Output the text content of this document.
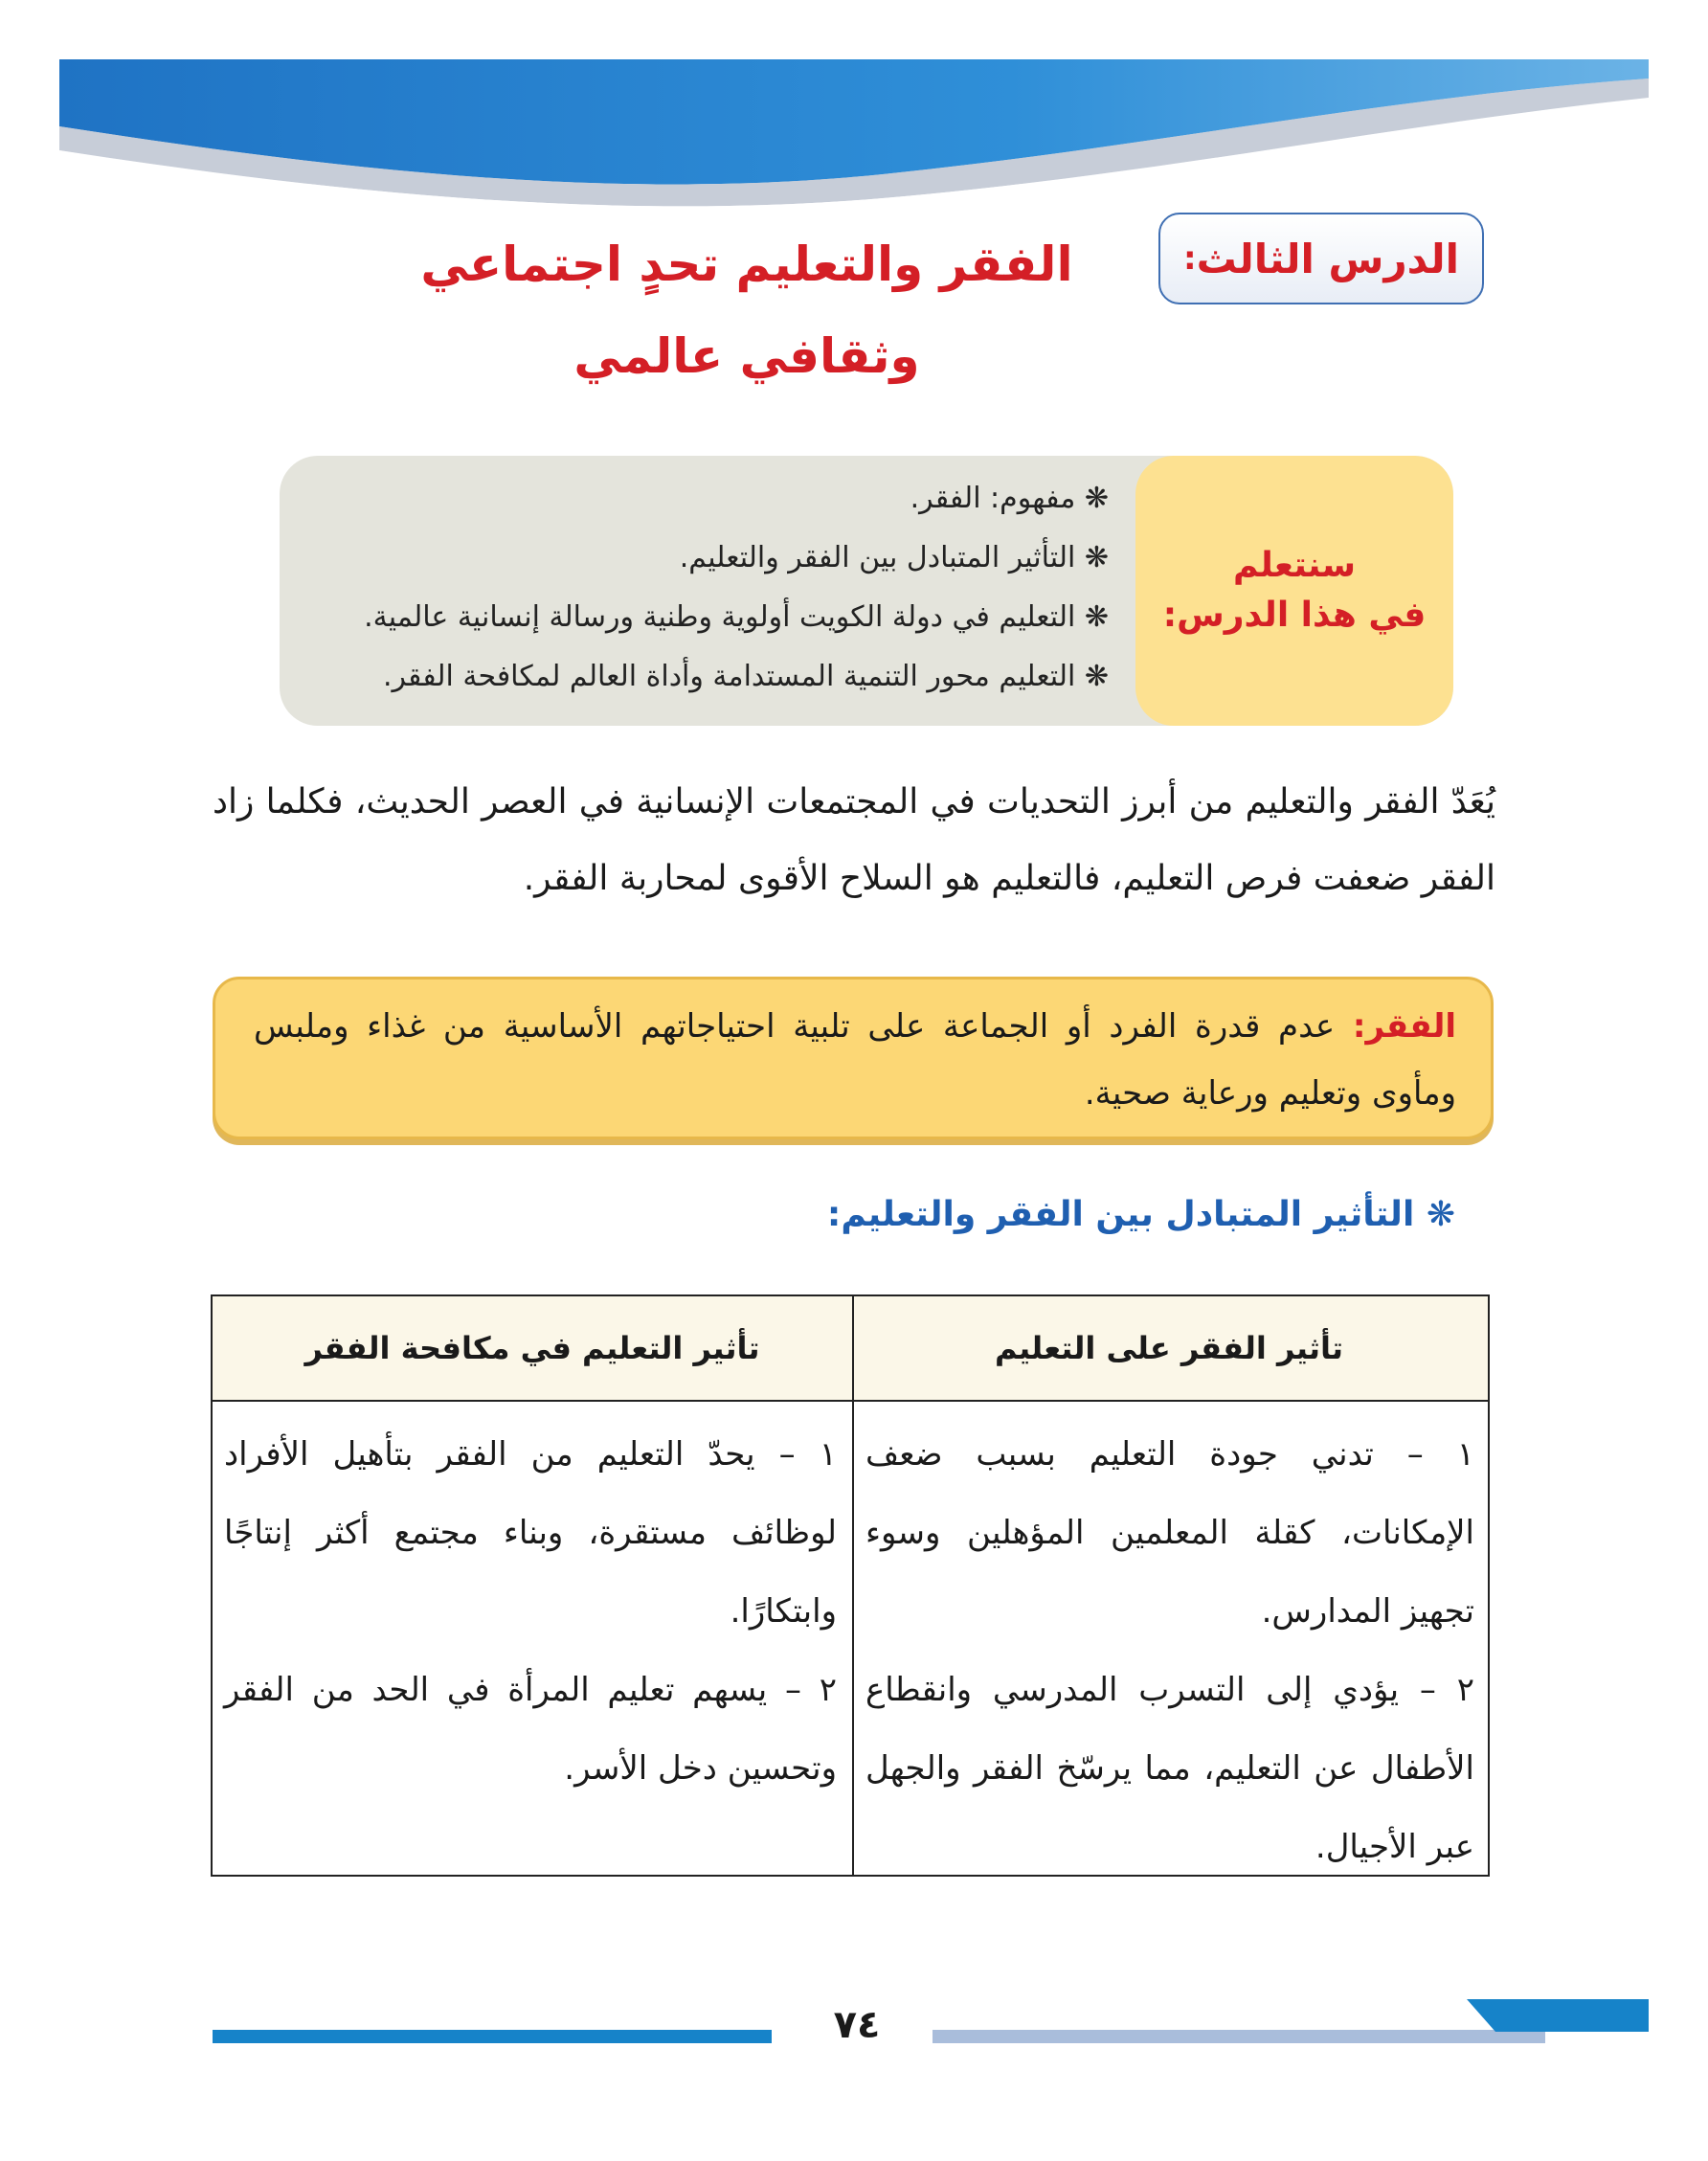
الدرس الثالث
:
الفقر والتعليم تحدٍ اجتماعي
وثقافي عالمي
سنتعلم
في هذا الدرس:
❋ مفهوم: الفقر.
❋ التأثير المتبادل بين الفقر والتعليم.
❋ التعليم في دولة الكويت أولوية وطنية ورسالة إنسانية عالمية.
❋ التعليم محور التنمية المستدامة وأداة العالم لمكافحة الفقر.
يُعَدّ الفقر والتعليم من أبرز التحديات في المجتمعات الإنسانية في العصر الحديث، فكلما زاد الفقر ضعفت فرص التعليم، فالتعليم هو السلاح الأقوى لمحاربة الفقر.
الفقر: عدم قدرة الفرد أو الجماعة على تلبية احتياجاتهم الأساسية من غذاء وملبس ومأوى وتعليم ورعاية صحية.
❋ التأثير المتبادل بين الفقر والتعليم:
تأثير الفقر على التعليم
تأثير التعليم في مكافحة الفقر

١ – تدني جودة التعليم بسبب ضعف الإمكانات، كقلة المعلمين المؤهلين وسوء تجهيز المدارس.

٢ – يؤدي إلى التسرب المدرسي وانقطاع الأطفال عن التعليم، مما يرسّخ الفقر والجهل عبر الأجيال.

١ – يحدّ التعليم من الفقر بتأهيل الأفراد لوظائف مستقرة، وبناء مجتمع أكثر إنتاجًا وابتكارًا.

٢ – يسهم تعليم المرأة في الحد من الفقر وتحسين دخل الأسر.

٧٤
